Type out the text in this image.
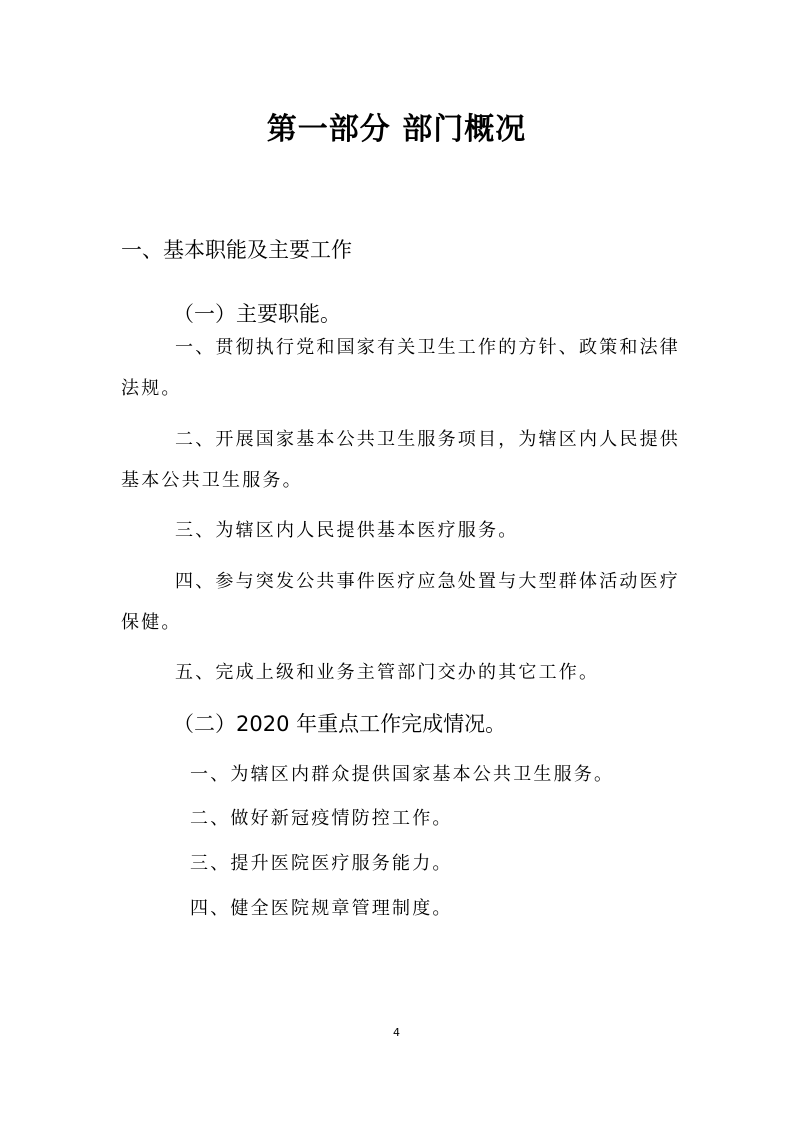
第一部分 部门概况
一、基本职能及主要工作
（一）主要职能。

一、贯彻执行党和国家有关卫生工作的方针、政策和法律法规。

二、开展国家基本公共卫生服务项目，为辖区内人民提供基本公共卫生服务。

三、为辖区内人民提供基本医疗服务。

四、参与突发公共事件医疗应急处置与大型群体活动医疗保健。

五、完成上级和业务主管部门交办的其它工作。

（二）2020 年重点工作完成情况。
一、为辖区内群众提供国家基本公共卫生服务。
二、做好新冠疫情防控工作。
三、提升医院医疗服务能力。
四、健全医院规章管理制度。
4
